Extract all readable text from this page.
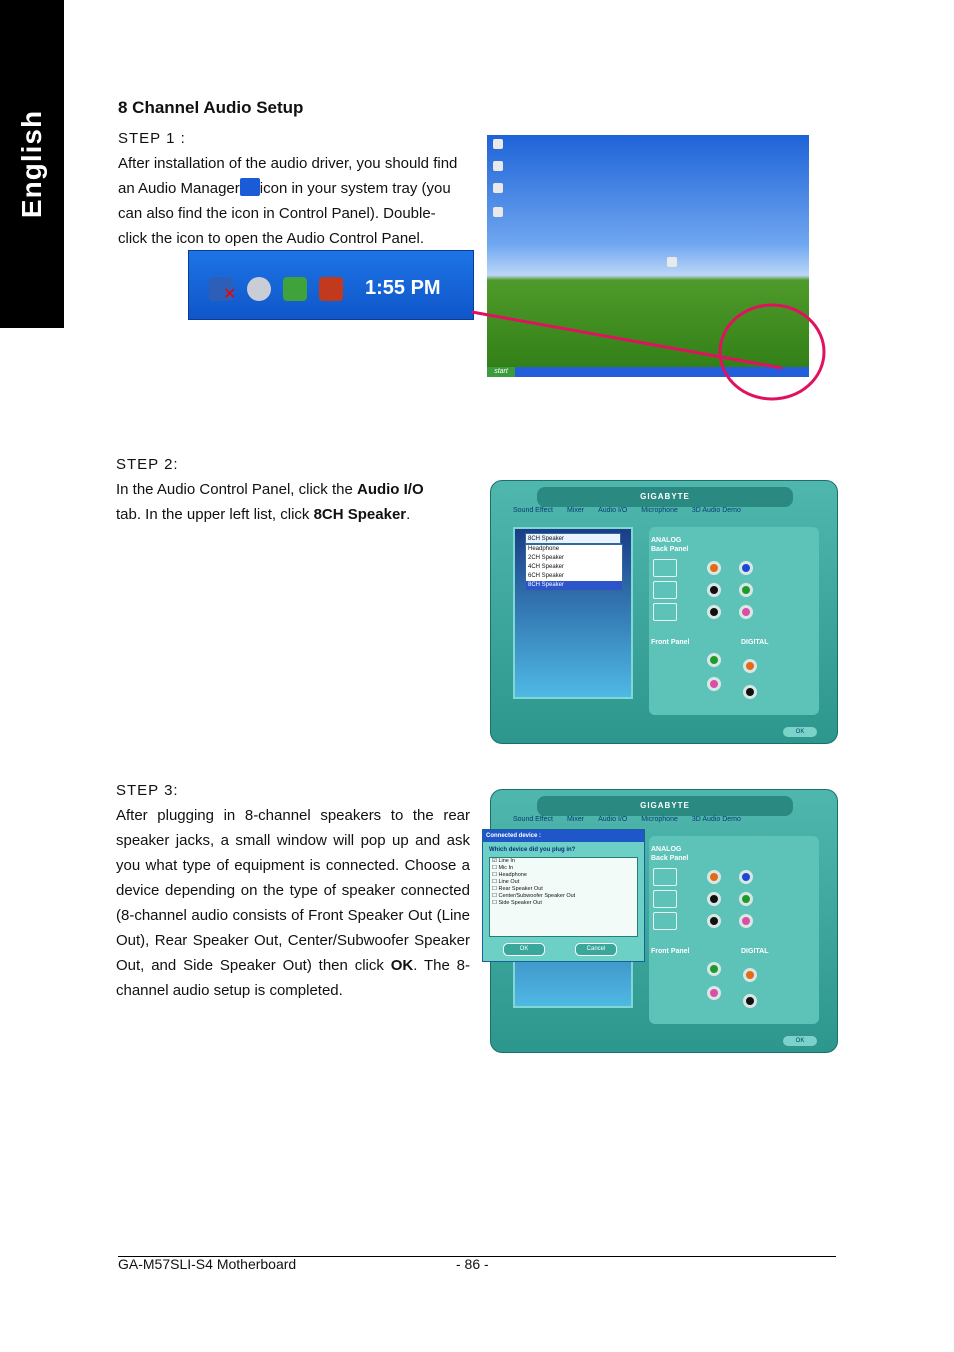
English
8 Channel Audio Setup

STEP 1 :

After installation of the audio driver, you should find

an Audio Manager icon in your system tray (you

can also find the icon in Control Panel). Double-

click the icon to open the Audio Control Panel.

✕	1:55 PM
start

STEP 2:

In the Audio Control Panel, click the Audio I/O

tab. In the upper left list, click 8CH Speaker.

GIGABYTE
Sound Effect Mixer Audio I/O Microphone 3D Audio Demo
8CH Speaker
Headphone
2CH Speaker
4CH Speaker
6CH Speaker
8CH Speaker
ANALOG
Back Panel
Front Panel	DIGITAL
OK

STEP 3:

After plugging in 8-channel speakers to the rear speaker jacks, a small window will pop up and ask you what type of equipment is connected. Choose a device depending on the type of speaker connected (8-channel audio consists of Front Speaker Out (Line Out), Rear Speaker Out, Center/Subwoofer Speaker Out, and Side Speaker Out) then click OK. The 8-channel audio setup is completed.

GIGABYTE
Sound Effect Mixer Audio I/O Microphone 3D Audio Demo
ANALOG
Back Panel
Front Panel	DIGITAL
OK
Connected device :
Which device did you plug in?
☑ Line In
☐ Mic In
☐ Headphone
☐ Line Out
☐ Rear Speaker Out
☐ Center/Subwoofer Speaker Out
☐ Side Speaker Out
OK	Cancel
GA-M57SLI-S4 Motherboard	- 86 -
